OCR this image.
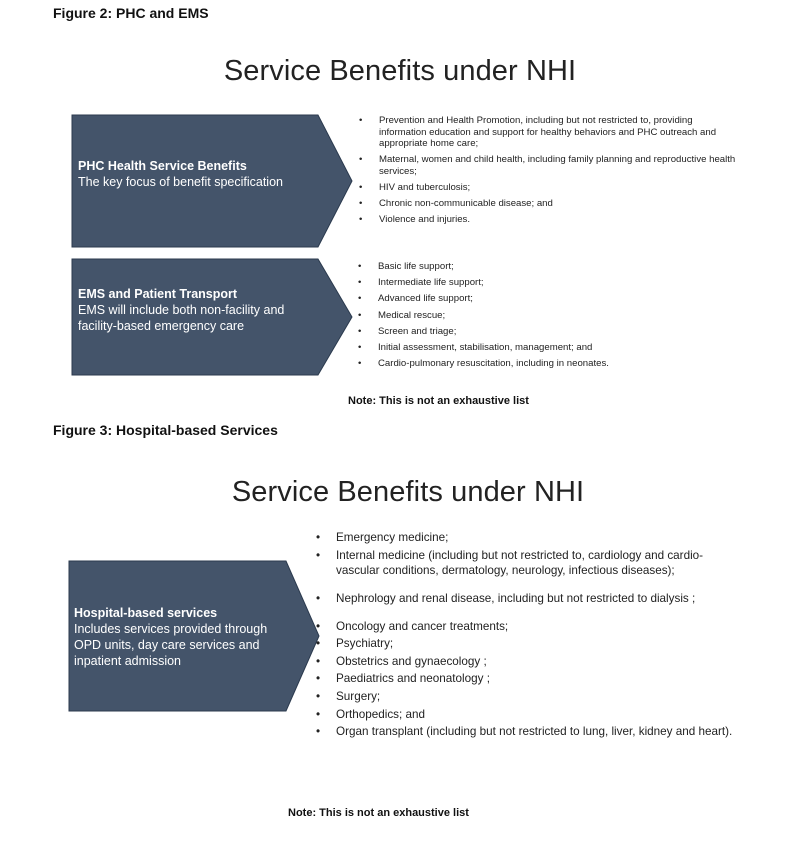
Figure 2: PHC and EMS
Service Benefits under NHI
PHC Health Service Benefits
The key focus of benefit specification
• Prevention and Health Promotion, including but not restricted to, providing information education and support for healthy behaviors and PHC outreach and appropriate home care;
• Maternal, women and child health, including family planning and reproductive health services;
• HIV and tuberculosis;
• Chronic non-communicable disease; and
• Violence and injuries.
EMS and Patient Transport
EMS will include both non-facility and facility-based emergency care
• Basic life support;
• Intermediate life support;
• Advanced life support;
• Medical rescue;
• Screen and triage;
• Initial assessment, stabilisation, management; and
• Cardio-pulmonary resuscitation, including in neonates.
Note: This is not an exhaustive list
Figure 3: Hospital-based Services
Service Benefits under NHI
Hospital-based services
Includes services provided through OPD units, day care services and inpatient admission
• Emergency medicine;
• Internal medicine (including but not restricted to, cardiology and cardio-vascular conditions, dermatology, neurology, infectious diseases);
• Nephrology and renal disease, including but not restricted to dialysis ;
• Oncology and cancer treatments;
• Psychiatry;
• Obstetrics and gynaecology ;
• Paediatrics and neonatology ;
• Surgery;
• Orthopedics; and
• Organ transplant (including but not restricted to lung, liver, kidney and heart).
Note: This is not an exhaustive list
